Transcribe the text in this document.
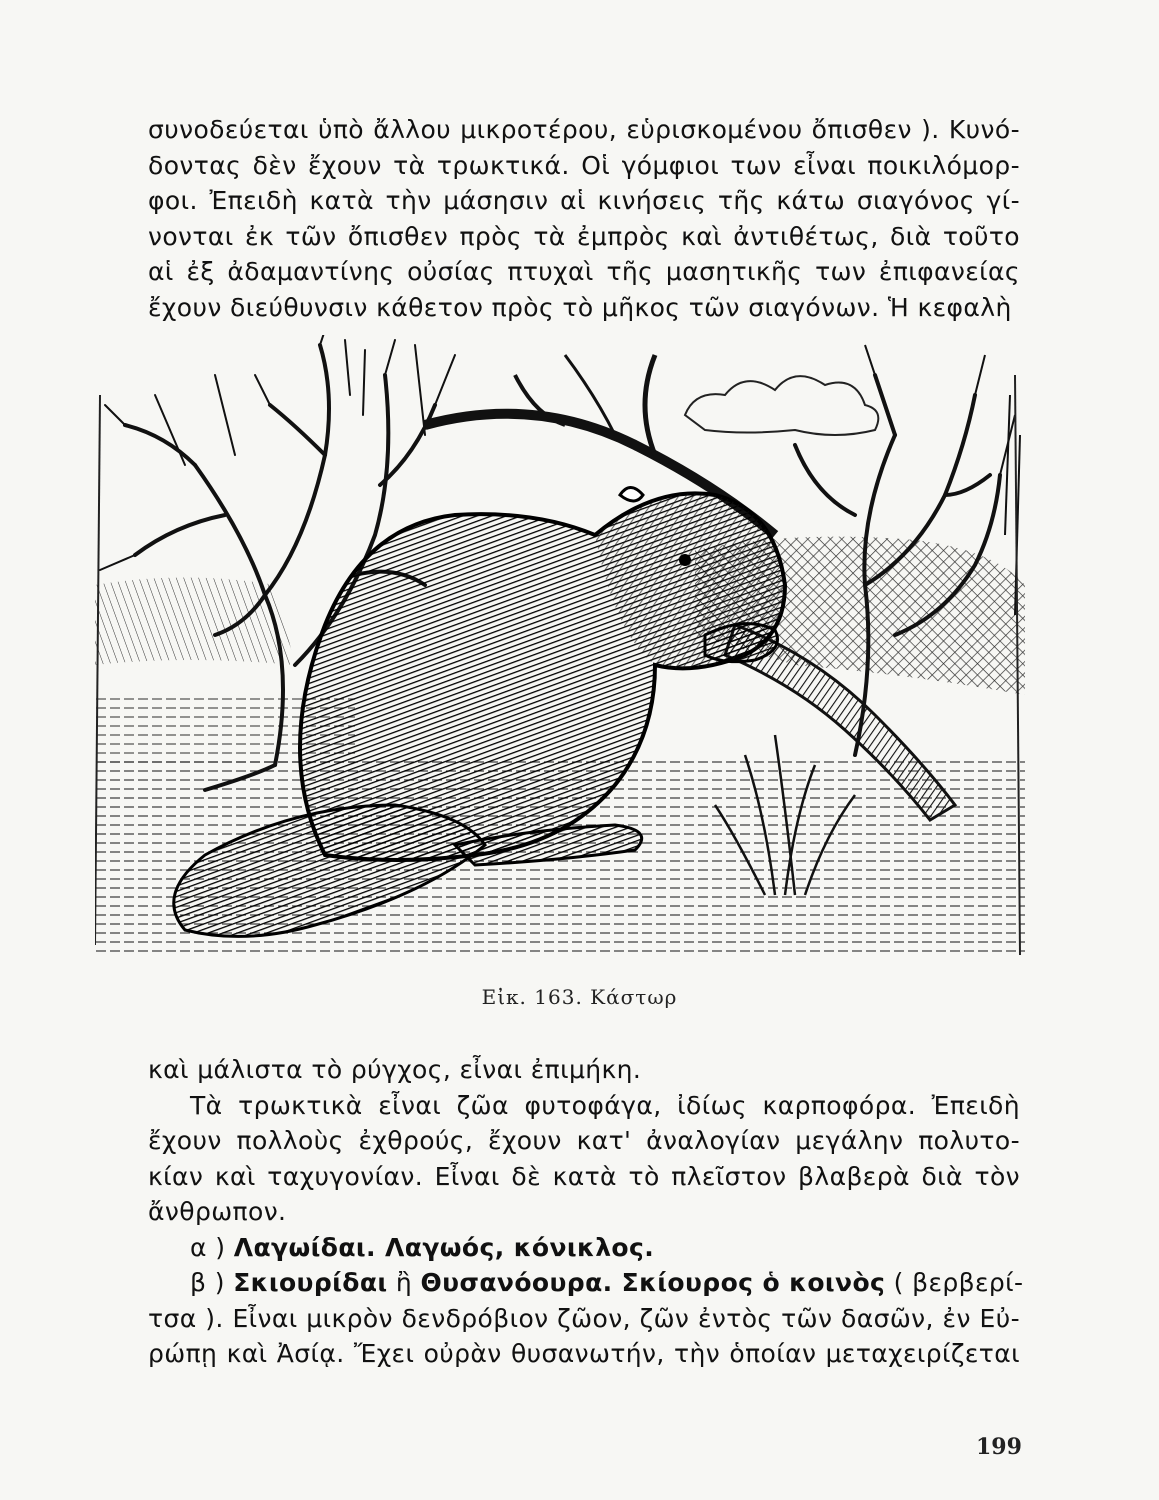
συνοδεύεται ὑπὸ ἄλλου μικροτέρου, εὑρισκομένου ὄπισθεν ). Κυνό-
δοντας δὲν ἔχουν τὰ τρωκτικά. Οἱ γόμφιοι των εἶναι ποικιλόμορ-
φοι. Ἐπειδὴ κατὰ τὴν μάσησιν αἱ κινήσεις τῆς κάτω σιαγόνος γί-
νονται ἐκ τῶν ὄπισθεν πρὸς τὰ ἐμπρὸς καὶ ἀντιθέτως, διὰ τοῦτο
αἱ ἐξ ἀδαμαντίνης οὐσίας πτυχαὶ τῆς μασητικῆς των ἐπιφανείας
ἔχουν διεύθυνσιν κάθετον πρὸς τὸ μῆκος τῶν σιαγόνων. Ἡ κεφαλὴ
Εἰκ. 163. Κάστωρ
καὶ μάλιστα τὸ ρύγχος, εἶναι ἐπιμήκη.
Τὰ τρωκτικὰ εἶναι ζῶα φυτοφάγα, ἰδίως καρποφόρα. Ἐπειδὴ
ἔχουν πολλοὺς ἐχθρούς, ἔχουν κατ' ἀναλογίαν μεγάλην πολυτο-
κίαν καὶ ταχυγονίαν. Εἶναι δὲ κατὰ τὸ πλεῖστον βλαβερὰ διὰ τὸν
ἄνθρωπον.
α ) Λαγωίδαι. Λαγωός, κόνικλος.
β ) Σκιουρίδαι ἢ Θυσανόουρα. Σκίουρος ὁ κοινὸς ( βερβερί-
τσα ). Εἶναι μικρὸν δενδρόβιον ζῶον, ζῶν ἐντὸς τῶν δασῶν, ἐν Εὐ-
ρώπῃ καὶ Ἀσίᾳ. Ἔχει οὐρὰν θυσανωτήν, τὴν ὁποίαν μεταχειρίζεται
199
